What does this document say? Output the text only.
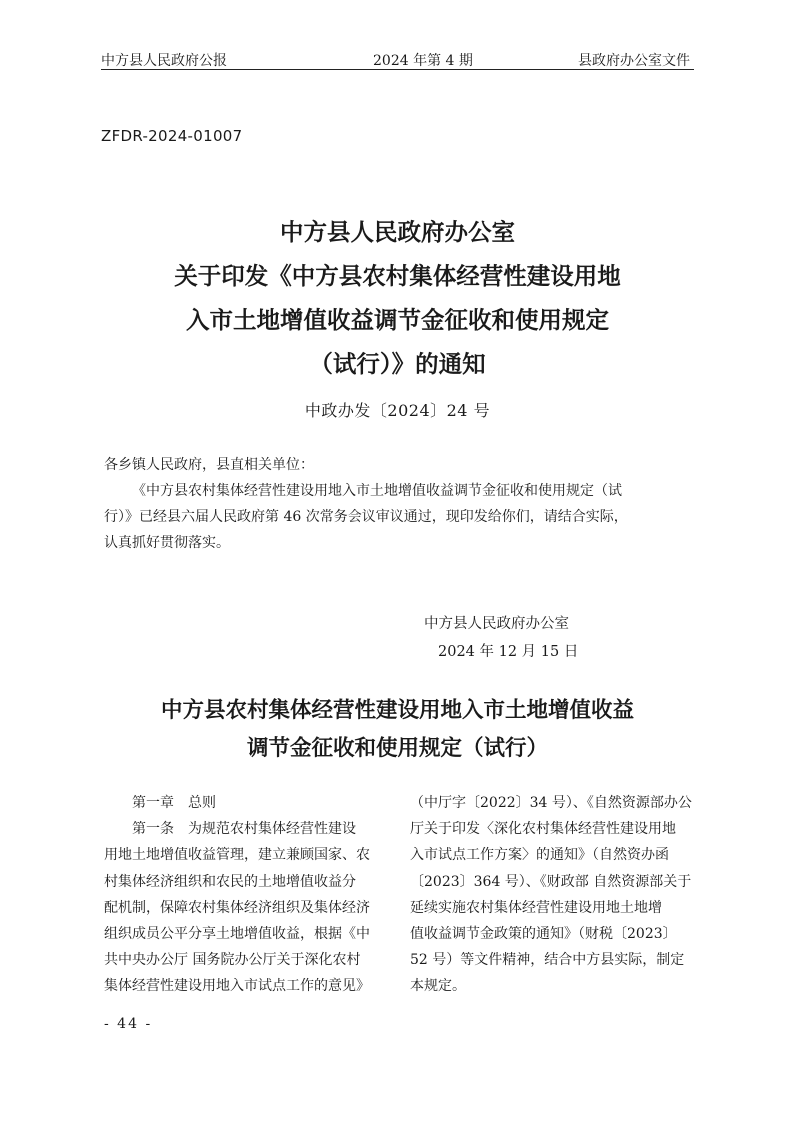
中方县人民政府公报	2024 年第 4 期	县政府办公室文件
ZFDR-2024-01007
中方县人民政府办公室
关于印发《中方县农村集体经营性建设用地
入市土地增值收益调节金征收和使用规定
（试行）》的通知
中政办发〔2024〕24 号
各乡镇人民政府，县直相关单位：
《中方县农村集体经营性建设用地入市土地增值收益调节金征收和使用规定（试
行）》已经县六届人民政府第 46 次常务会议审议通过，现印发给你们，请结合实际，
认真抓好贯彻落实。
中方县人民政府办公室
2024 年 12 月 15 日
中方县农村集体经营性建设用地入市土地增值收益
调节金征收和使用规定（试行）
第一章　总则
第一条　为规范农村集体经营性建设
用地土地增值收益管理，建立兼顾国家、农
村集体经济组织和农民的土地增值收益分
配机制，保障农村集体经济组织及集体经济
组织成员公平分享土地增值收益，根据《中
共中央办公厅 国务院办公厅关于深化农村
集体经营性建设用地入市试点工作的意见》
（中厅字〔2022〕34 号）、《自然资源部办公
厅关于印发〈深化农村集体经营性建设用地
入市试点工作方案〉的通知》（自然资办函
〔2023〕364 号）、《财政部 自然资源部关于
延续实施农村集体经营性建设用地土地增
值收益调节金政策的通知》（财税〔2023〕
52 号）等文件精神，结合中方县实际，制定
本规定。
- 44 -
